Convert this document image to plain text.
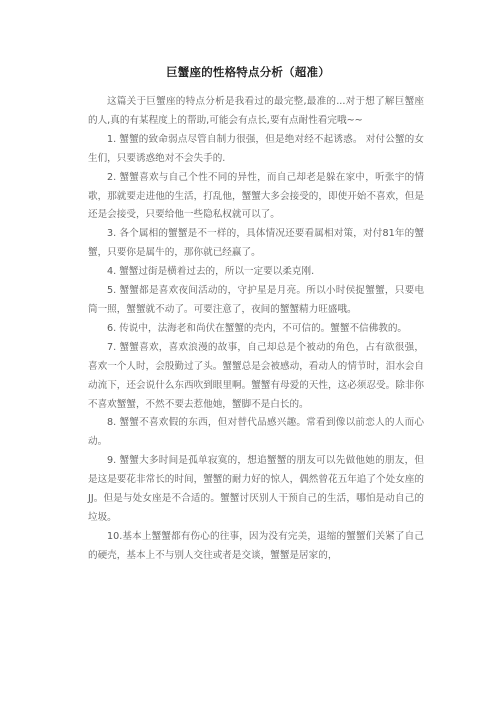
巨蟹座的性格特点分析（超准）

这篇关于巨蟹座的特点分析是我看过的最完整,最准的...对于想了解巨蟹座的人,真的有某程度上的帮助,可能会有点长,要有点耐性看完哦~~

1. 蟹蟹的致命弱点尽管自制力很强，但是绝对经不起诱惑。 对付公蟹的女生们，只要诱惑绝对不会失手的.

2. 蟹蟹喜欢与自己个性不同的异性，而自己却老是躲在家中，听张宇的情歌，那就要走进他的生活，打乱他，蟹蟹大多会接受的，即使开始不喜欢，但是还是会接受，只要给他一些隐私权就可以了。

3. 各个属相的蟹蟹是不一样的，具体情况还要看属相对策，对付81年的蟹蟹，只要你是属牛的，那你就已经赢了。

4. 蟹蟹过街是横着过去的，所以一定要以柔克刚.

5. 蟹蟹都是喜欢夜间活动的，守护星是月亮。所以小时侯捉蟹蟹，只要电筒一照，蟹蟹就不动了。可要注意了，夜间的蟹蟹精力旺盛哦。

6. 传说中，法海老和尚伏在蟹蟹的壳内，不可信的。蟹蟹不信佛教的。

7. 蟹蟹喜欢，喜欢浪漫的故事，自己却总是个被动的角色，占有欲很强，喜欢一个人时，会殷勤过了头。蟹蟹总是会被感动，看动人的情节时，泪水会自动流下，还会说什么东西吹到眼里啊。蟹蟹有母爱的天性，这必须忍受。除非你不喜欢蟹蟹，不然不要去惹他她，蟹脚不是白长的。

8. 蟹蟹不喜欢假的东西，但对替代品感兴趣。常看到像以前恋人的人而心动。

9. 蟹蟹大多时间是孤单寂寞的，想追蟹蟹的朋友可以先做他她的朋友，但是这是要花非常长的时间，蟹蟹的耐力好的惊人，偶然曾花五年追了个处女座的 JJ。但是与处女座是不合适的。蟹蟹讨厌别人干预自己的生活，哪怕是动自己的垃圾。

10.基本上蟹蟹都有伤心的往事，因为没有完美，退缩的蟹蟹们关紧了自己的硬壳，基本上不与别人交往或者是交谈，蟹蟹是居家的，
